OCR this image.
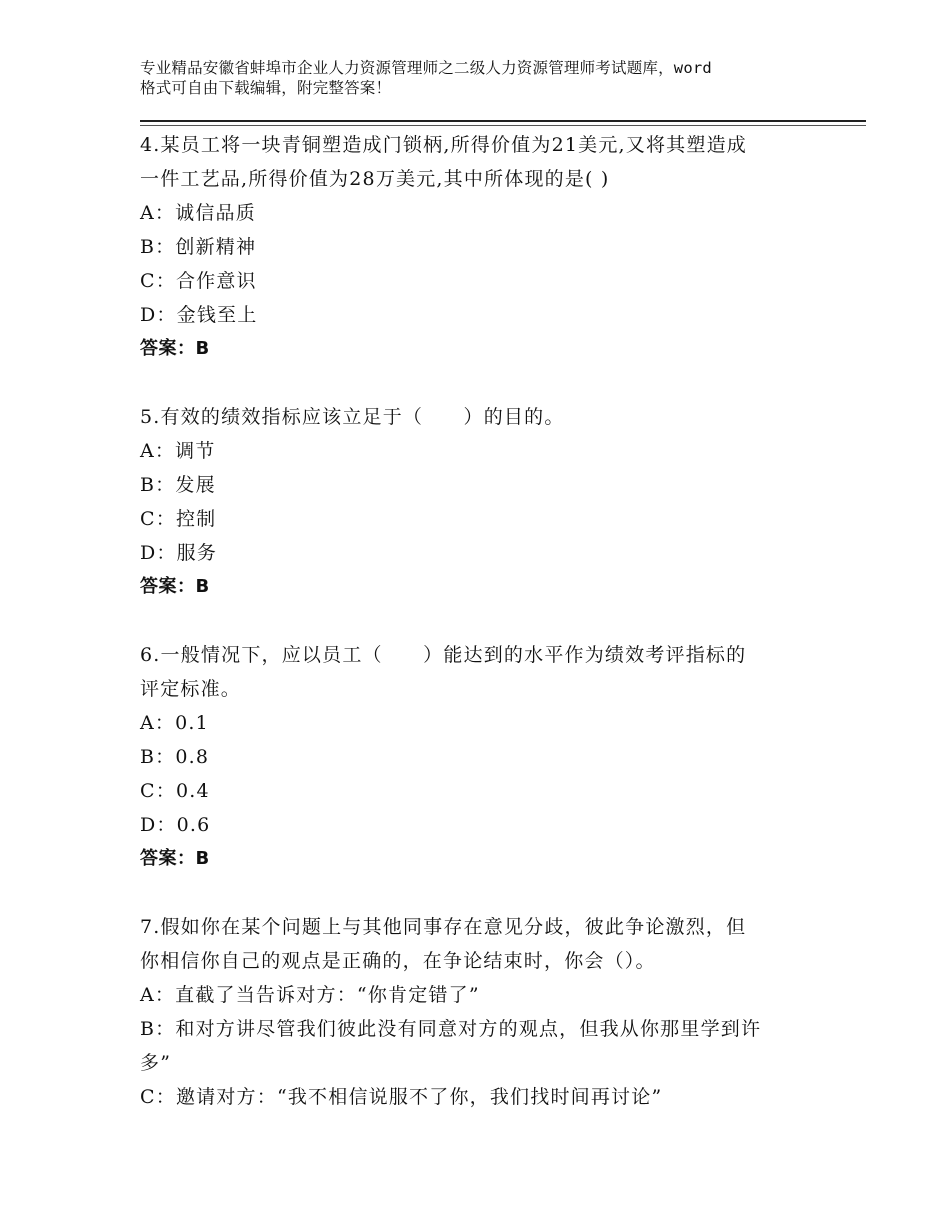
专业精品安徽省蚌埠市企业人力资源管理师之二级人力资源管理师考试题库，word
格式可自由下载编辑，附完整答案！
4.某员工将一块青铜塑造成门锁柄,所得价值为21美元,又将其塑造成
一件工艺品,所得价值为28万美元,其中所体现的是( )
A：诚信品质
B：创新精神
C：合作意识
D：金钱至上
答案：B
5.有效的绩效指标应该立足于（　　）的目的。
A：调节
B：发展
C：控制
D：服务
答案：B
6.一般情况下，应以员工（　　）能达到的水平作为绩效考评指标的
评定标准。
A：0.1
B：0.8
C：0.4
D：0.6
答案：B
7.假如你在某个问题上与其他同事存在意见分歧，彼此争论激烈，但
你相信你自己的观点是正确的，在争论结束时，你会（）。
A：直截了当告诉对方：“你肯定错了”
B：和对方讲尽管我们彼此没有同意对方的观点，但我从你那里学到许
多”
C：邀请对方：“我不相信说服不了你，我们找时间再讨论”
